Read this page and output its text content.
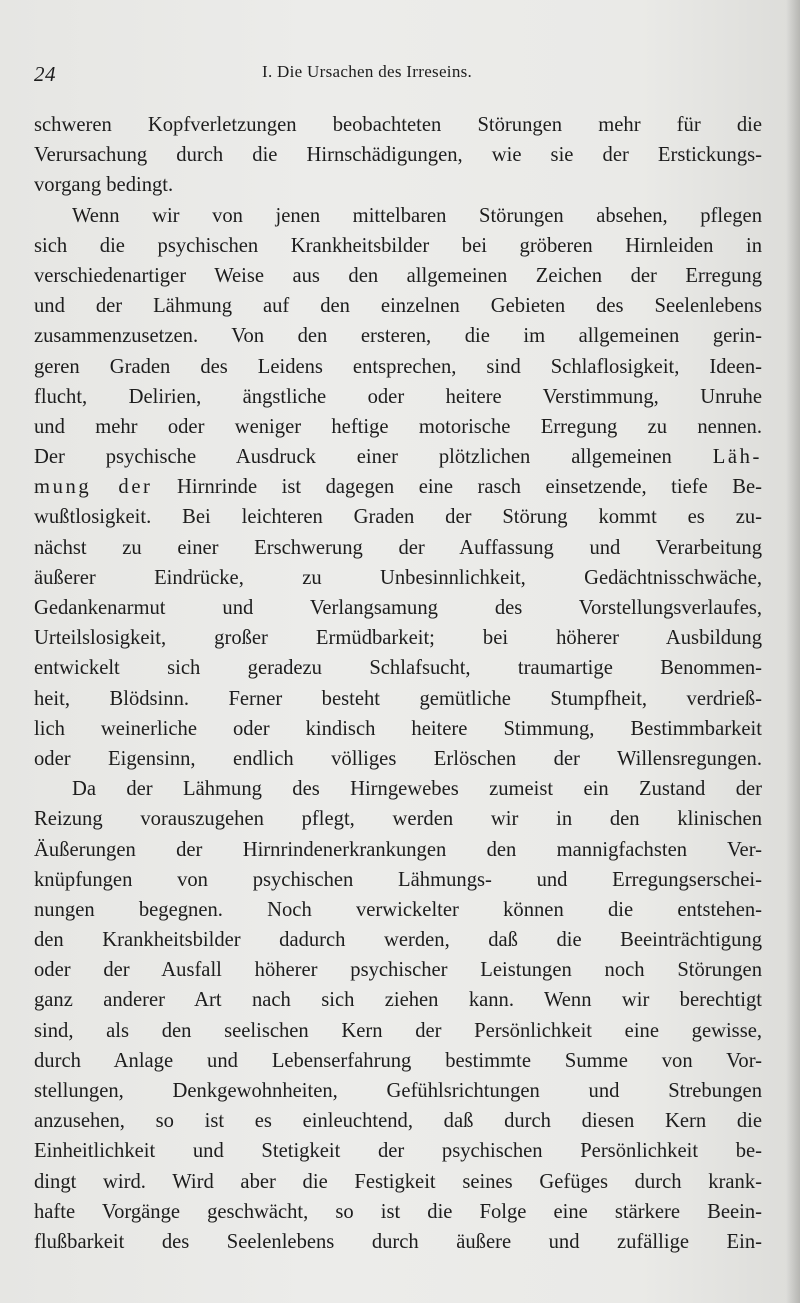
24	I. Die Ursachen des Irreseins.
schweren Kopfverletzungen beobachteten Störungen mehr für die
Verursachung durch die Hirnschädigungen, wie sie der Erstickungs-
vorgang bedingt.
Wenn wir von jenen mittelbaren Störungen absehen, pflegen
sich die psychischen Krankheitsbilder bei gröberen Hirnleiden in
verschiedenartiger Weise aus den allgemeinen Zeichen der Erregung
und der Lähmung auf den einzelnen Gebieten des Seelenlebens
zusammenzusetzen. Von den ersteren, die im allgemeinen gerin-
geren Graden des Leidens entsprechen, sind Schlaflosigkeit, Ideen-
flucht, Delirien, ängstliche oder heitere Verstimmung, Unruhe
und mehr oder weniger heftige motorische Erregung zu nennen.
Der psychische Ausdruck einer plötzlichen allgemeinen Läh-
mung der Hirnrinde ist dagegen eine rasch einsetzende, tiefe Be-
wußtlosigkeit. Bei leichteren Graden der Störung kommt es zu-
nächst zu einer Erschwerung der Auffassung und Verarbeitung
äußerer Eindrücke, zu Unbesinnlichkeit, Gedächtnisschwäche,
Gedankenarmut und Verlangsamung des Vorstellungsverlaufes,
Urteilslosigkeit, großer Ermüdbarkeit; bei höherer Ausbildung
entwickelt sich geradezu Schlafsucht, traumartige Benommen-
heit, Blödsinn. Ferner besteht gemütliche Stumpfheit, verdrieß-
lich weinerliche oder kindisch heitere Stimmung, Bestimmbarkeit
oder Eigensinn, endlich völliges Erlöschen der Willensregungen.
Da der Lähmung des Hirngewebes zumeist ein Zustand der
Reizung vorauszugehen pflegt, werden wir in den klinischen
Äußerungen der Hirnrindenerkrankungen den mannigfachsten Ver-
knüpfungen von psychischen Lähmungs- und Erregungserschei-
nungen begegnen. Noch verwickelter können die entstehen-
den Krankheitsbilder dadurch werden, daß die Beeinträchtigung
oder der Ausfall höherer psychischer Leistungen noch Störungen
ganz anderer Art nach sich ziehen kann. Wenn wir berechtigt
sind, als den seelischen Kern der Persönlichkeit eine gewisse,
durch Anlage und Lebenserfahrung bestimmte Summe von Vor-
stellungen, Denkgewohnheiten, Gefühlsrichtungen und Strebungen
anzusehen, so ist es einleuchtend, daß durch diesen Kern die
Einheitlichkeit und Stetigkeit der psychischen Persönlichkeit be-
dingt wird. Wird aber die Festigkeit seines Gefüges durch krank-
hafte Vorgänge geschwächt, so ist die Folge eine stärkere Beein-
flußbarkeit des Seelenlebens durch äußere und zufällige Ein-
